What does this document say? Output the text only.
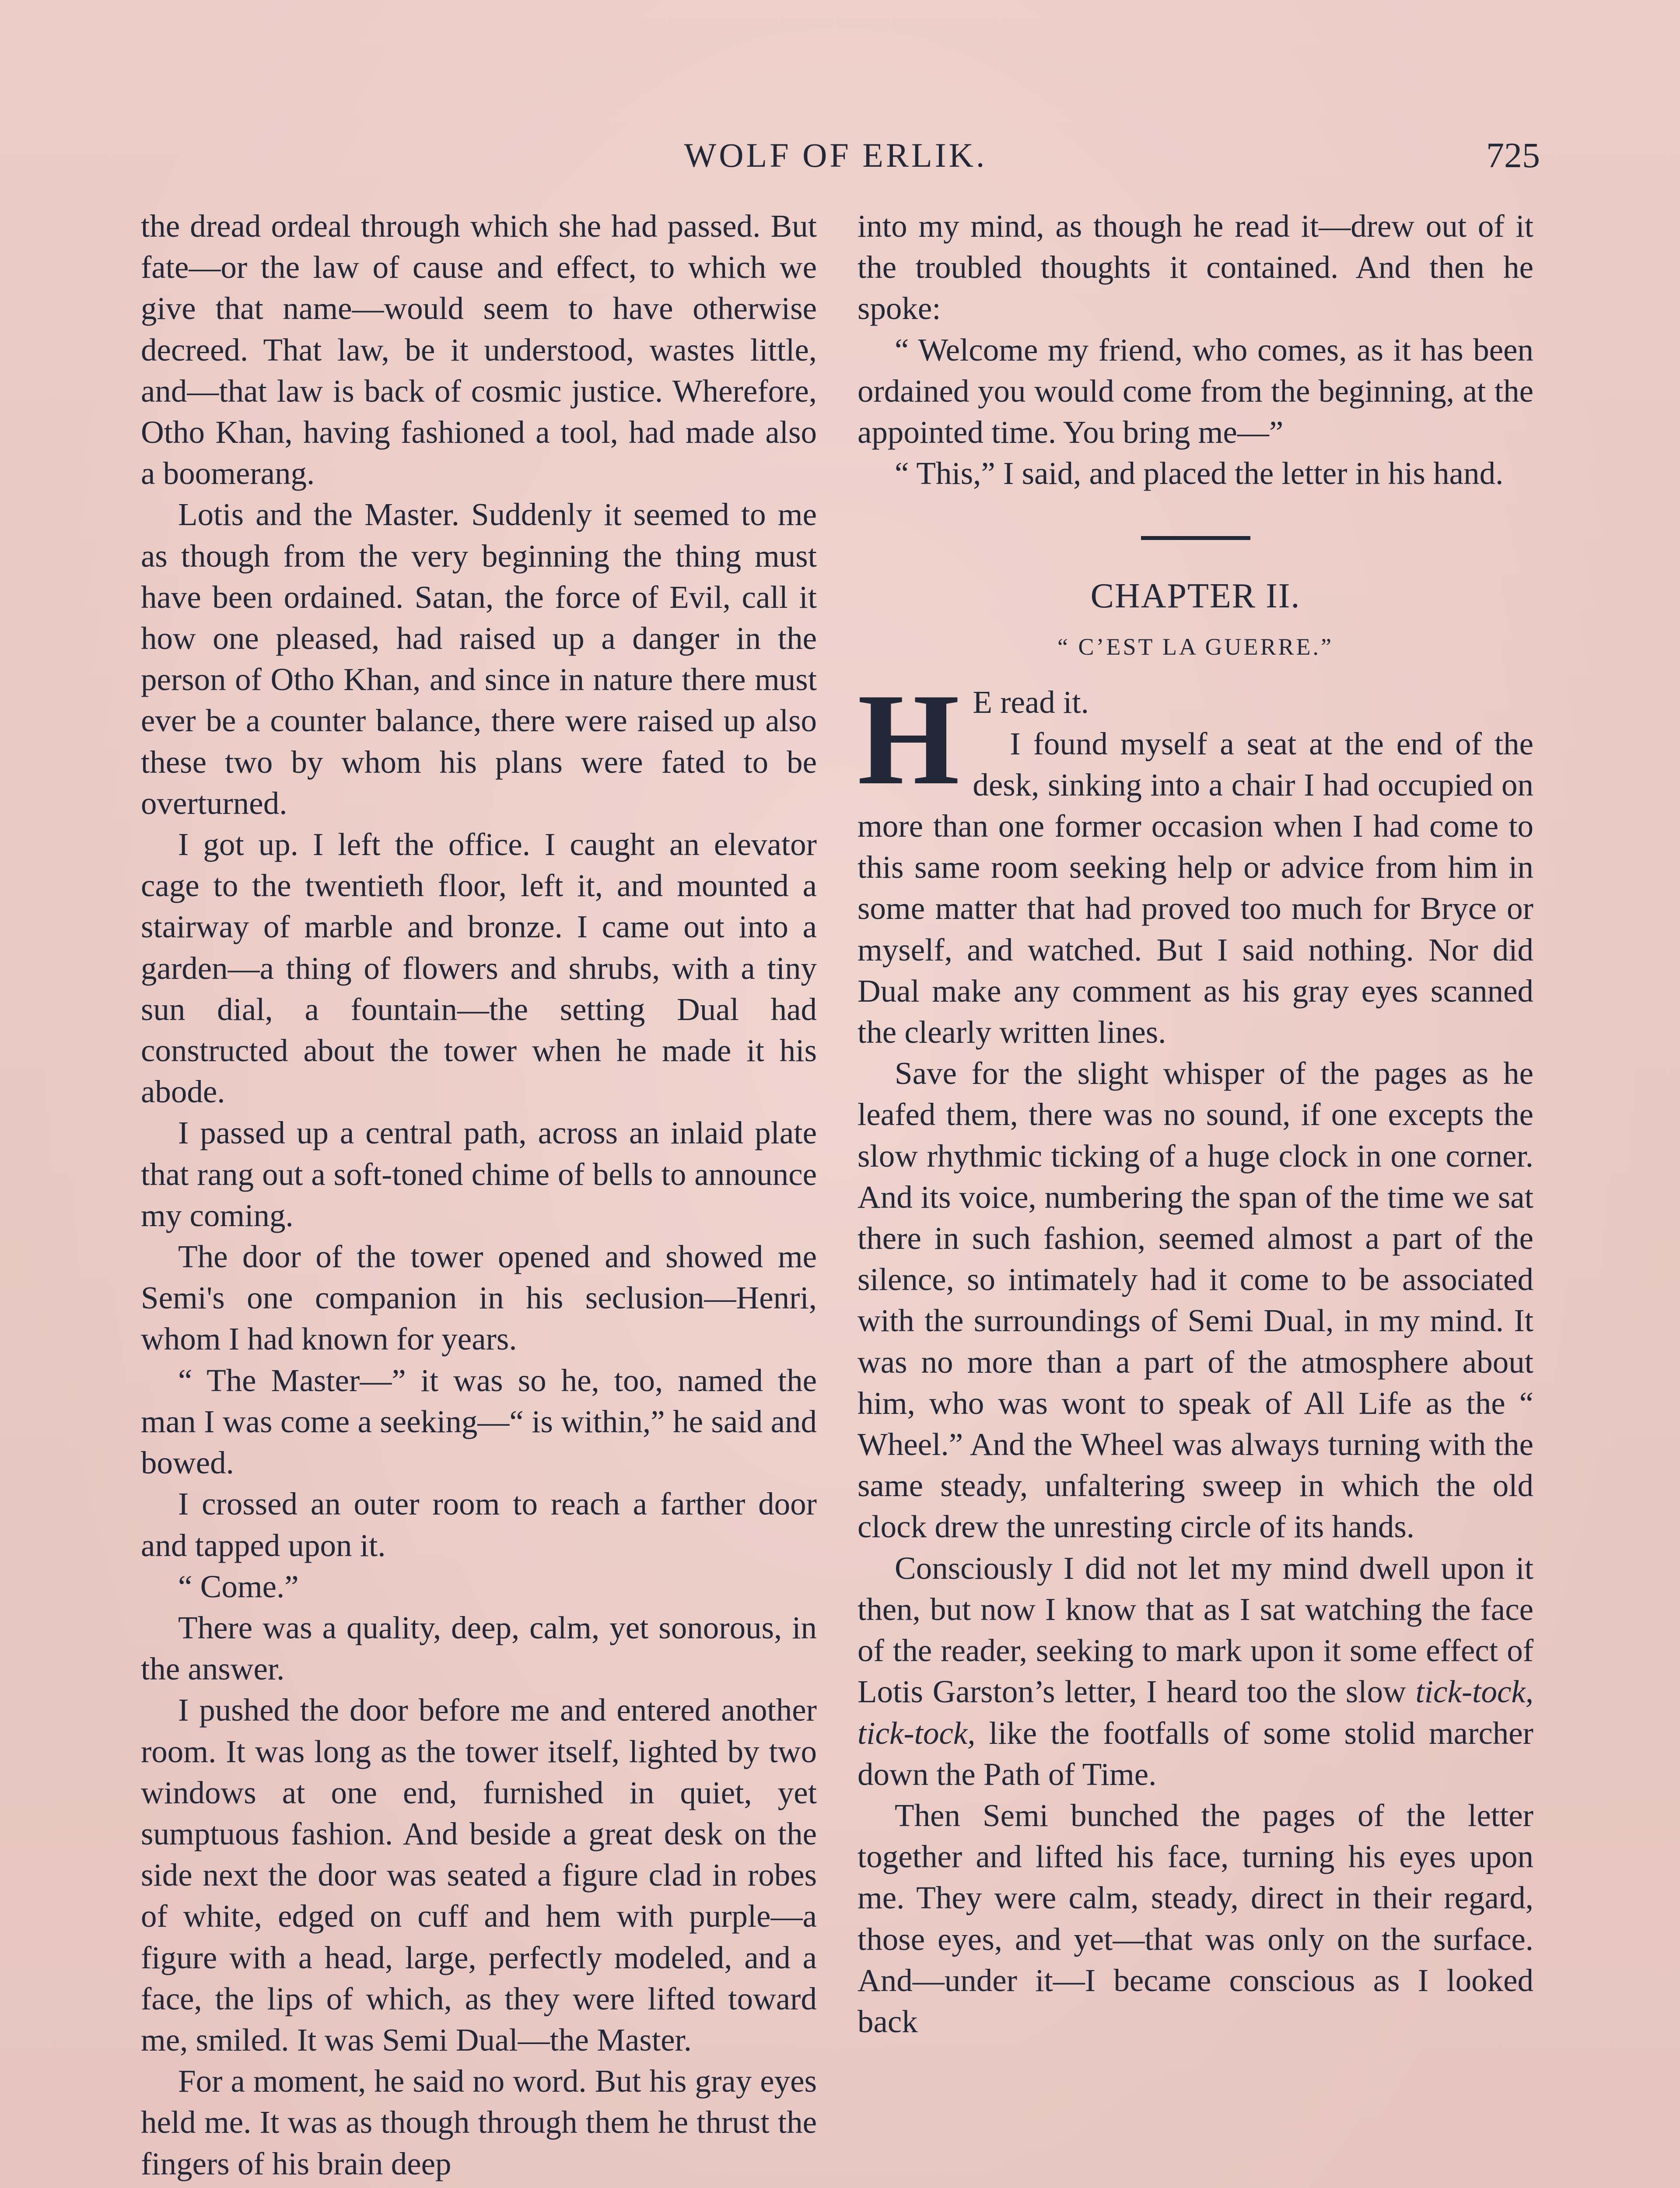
WOLF OF ERLIK.	725

the dread ordeal through which she had passed. But fate—or the law of cause and effect, to which we give that name—would seem to have otherwise decreed. That law, be it understood, wastes little, and—that law is back of cosmic justice. Wherefore, Otho Khan, having fashioned a tool, had made also a boomerang.

Lotis and the Master. Suddenly it seemed to me as though from the very beginning the thing must have been ordained. Satan, the force of Evil, call it how one pleased, had raised up a danger in the person of Otho Khan, and since in nature there must ever be a counter balance, there were raised up also these two by whom his plans were fated to be overturned.

I got up. I left the office. I caught an elevator cage to the twentieth floor, left it, and mounted a stairway of marble and bronze. I came out into a garden—a thing of flowers and shrubs, with a tiny sun dial, a fountain—the setting Dual had constructed about the tower when he made it his abode.

I passed up a central path, across an inlaid plate that rang out a soft-toned chime of bells to announce my coming.

The door of the tower opened and showed me Semi's one companion in his seclusion—Henri, whom I had known for years.

“ The Master—” it was so he, too, named the man I was come a seeking—“ is within,” he said and bowed.

I crossed an outer room to reach a farther door and tapped upon it.

“ Come.”

There was a quality, deep, calm, yet sonorous, in the answer.

I pushed the door before me and entered another room. It was long as the tower itself, lighted by two windows at one end, furnished in quiet, yet sumptuous fashion. And beside a great desk on the side next the door was seated a figure clad in robes of white, edged on cuff and hem with purple—a figure with a head, large, perfectly modeled, and a face, the lips of which, as they were lifted toward me, smiled. It was Semi Dual—the Master.

For a moment, he said no word. But his gray eyes held me. It was as though through them he thrust the fingers of his brain deep

into my mind, as though he read it—drew out of it the troubled thoughts it contained. And then he spoke:

“ Welcome my friend, who comes, as it has been ordained you would come from the beginning, at the appointed time. You bring me—”

“ This,” I said, and placed the letter in his hand.

CHAPTER II.
“ C’EST LA GUERRE.”

H E read it.

I found myself a seat at the end of the desk, sinking into a chair I had occupied on more than one former occasion when I had come to this same room seeking help or advice from him in some matter that had proved too much for Bryce or myself, and watched. But I said nothing. Nor did Dual make any comment as his gray eyes scanned the clearly written lines.

Save for the slight whisper of the pages as he leafed them, there was no sound, if one excepts the slow rhythmic ticking of a huge clock in one corner. And its voice, numbering the span of the time we sat there in such fashion, seemed almost a part of the silence, so intimately had it come to be associated with the surroundings of Semi Dual, in my mind. It was no more than a part of the atmosphere about him, who was wont to speak of All Life as the “ Wheel.” And the Wheel was always turning with the same steady, unfaltering sweep in which the old clock drew the unresting circle of its hands.

Consciously I did not let my mind dwell upon it then, but now I know that as I sat watching the face of the reader, seeking to mark upon it some effect of Lotis Garston’s letter, I heard too the slow tick-tock, tick-tock, like the footfalls of some stolid marcher down the Path of Time.

Then Semi bunched the pages of the letter together and lifted his face, turning his eyes upon me. They were calm, steady, direct in their regard, those eyes, and yet—that was only on the surface. And—under it—I became conscious as I looked back
